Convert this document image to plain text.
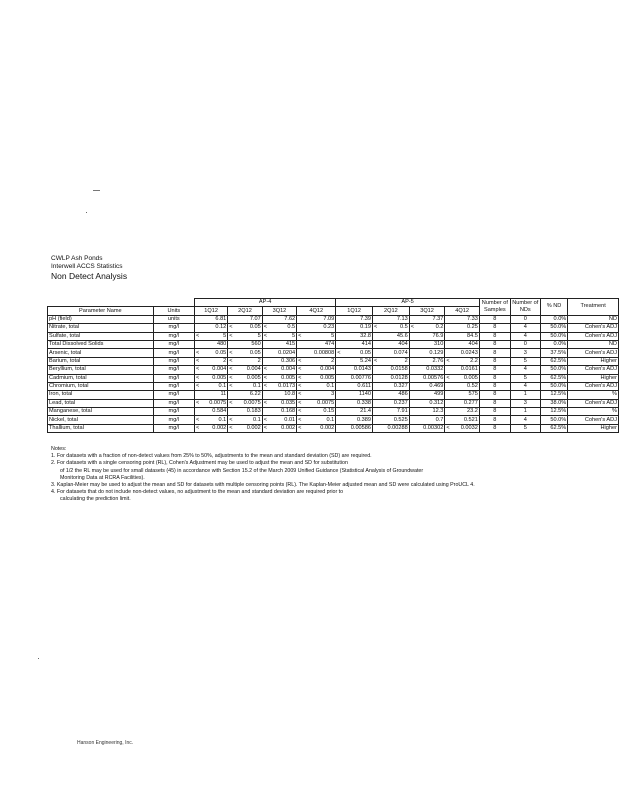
CWLP Ash Ponds
Interwell ACCS Statistics
Non Detect Analysis
		AP-4								AP-5								Number of Samples	Number of NDs	% ND	Treatment
Parameter Name	Units	1Q12		2Q12		3Q12		4Q12		1Q12		2Q12		3Q12		4Q12					
pH (field)	units		6.81		7.07		7.62		7.09		7.39		7.13		7.37		7.33	8	0	0.0%	ND
Nitrate, total	mg/l		0.12	<	0.05	<	0.5		0.23		0.19	<	0.5	<	0.2		0.25	8	4	50.0%	Cohen's ADJ
Sulfate, total	mg/l	<	5	<	5	<	5	<	5		32.8		45.6		76.9		84.5	8	4	50.0%	Cohen's ADJ
Total Dissolved Solids	mg/l		480		560		415		474		414		404		310		404	8	0	0.0%	ND
Arsenic, total	mg/l	<	0.05	<	0.05		0.0204		0.00808	<	0.05		0.074		0.129		0.0243	8	3	37.5%	Cohen's ADJ
Barium, total	mg/l	<	2	<	2		0.306	<	2		5.24	<	2		2.76	<	2.2	8	5	62.5%	Higher
Beryllium, total	mg/l	<	0.004	<	0.004	<	0.004	<	0.004		0.0143		0.0158		0.0332		0.0161	8	4	50.0%	Cohen's ADJ
Cadmium, total	mg/l	<	0.005	<	0.005	<	0.005	<	0.005		0.00776		0.0128		0.00576	<	0.005	8	5	62.5%	Higher
Chromium, total	mg/l	<	0.1	<	0.1	<	0.0173	<	0.1		0.611		0.327		0.469		0.52	8	4	50.0%	Cohen's ADJ
Iron, total	mg/l		11		6.22		10.8	<	3		1140		486		499		575	8	1	12.5%	%
Lead, total	mg/l	<	0.0075	<	0.0075	<	0.035	<	0.0075		0.338		0.237		0.312		0.277	8	3	38.0%	Cohen's ADJ
Manganese, total	mg/l		0.584		0.183		0.168	<	0.15		21.4		7.91		12.3		23.2	8	1	12.5%	%
Nickel, total	mg/l	<	0.1	<	0.1	<	0.01	<	0.1		0.389		0.525		0.7		0.521	8	4	50.0%	Cohen's ADJ
Thallium, total	mg/l	<	0.002	<	0.002	<	0.002	<	0.002		0.00586		0.00288		0.00302	<	0.0032	8	5	62.5%	Higher

Notes:

1. For datasets with a fraction of non-detect values from 25% to 50%, adjustments to the mean and standard deviation (SD) are required.

2. For datasets with a single censoring point (RL), Cohen's Adjustment may be used to adjust the mean and SD for substitution

of 1/2 the RL may be used for small datasets (45) in accordance with Section 15.2 of the March 2009 Unified Guidance (Statistical Analysis of Groundwater

Monitoring Data at RCRA Facilities).

3. Kaplan-Meier may be used to adjust the mean and SD for datasets with multiple censoring points (RL). The Kaplan-Meier adjusted mean and SD were calculated using ProUCL 4.

4. For datasets that do not include non-detect values, no adjustment to the mean and standard deviation are required prior to

calculating the prediction limit.

Hanson Engineering, Inc.
